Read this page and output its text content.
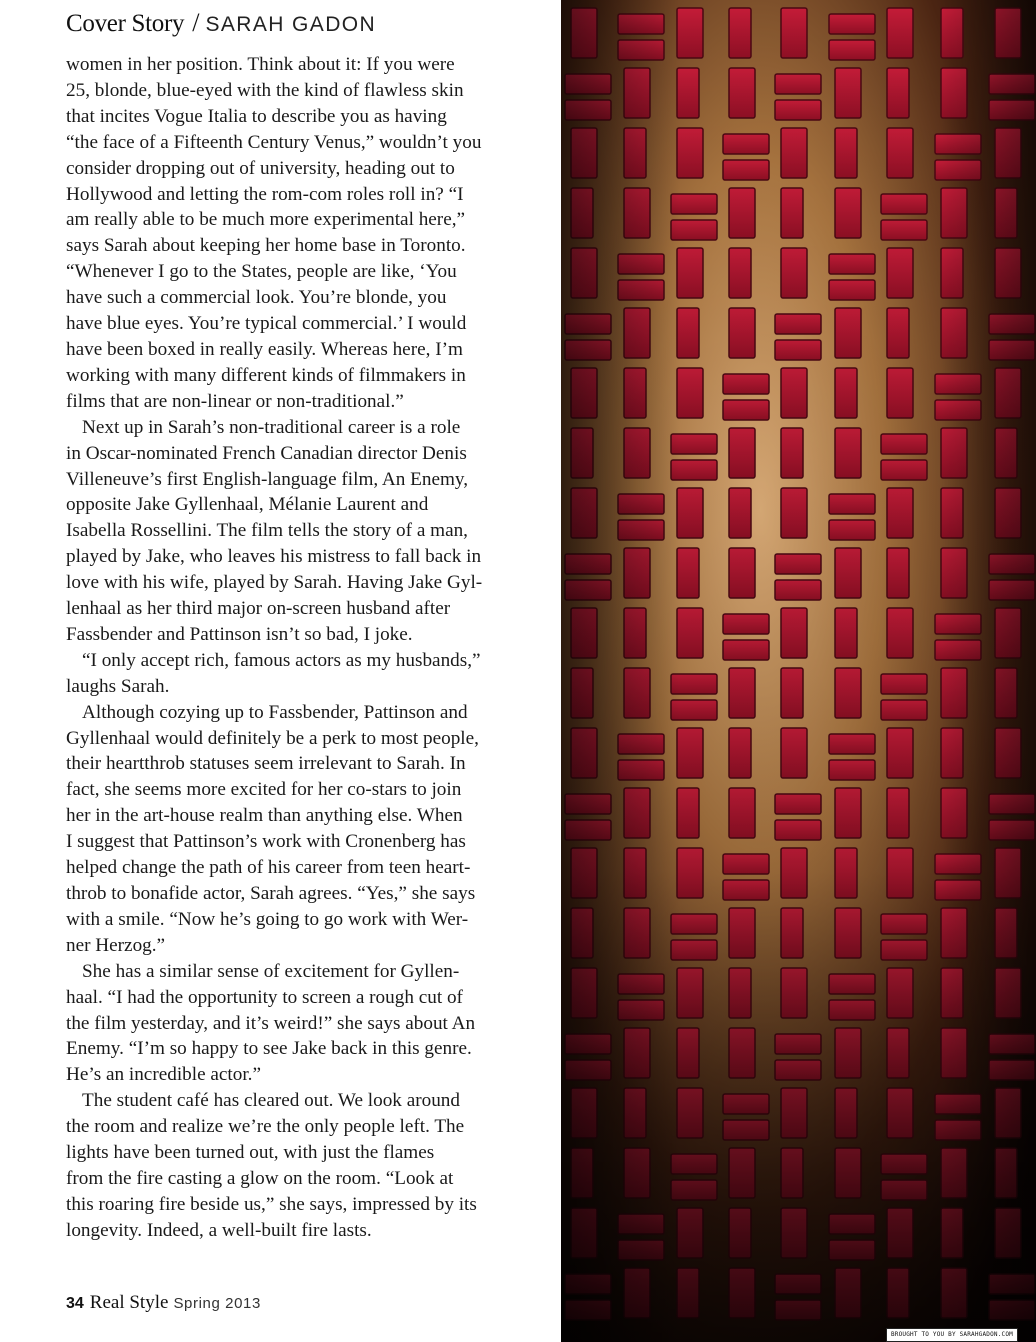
Cover Story / SARAH GADON

women in her position. Think about it: If you were
25, blonde, blue-eyed with the kind of flawless skin
that incites Vogue Italia to describe you as having
“the face of a Fifteenth Century Venus,” wouldn’t you
consider dropping out of university, heading out to
Hollywood and letting the rom-com roles roll in? “I
am really able to be much more experimental here,”
says Sarah about keeping her home base in Toronto.
“Whenever I go to the States, people are like, ‘You
have such a commercial look. You’re blonde, you
have blue eyes. You’re typical commercial.’ I would
have been boxed in really easily. Whereas here, I’m
working with many different kinds of filmmakers in
films that are non-linear or non-traditional.”

Next up in Sarah’s non-traditional career is a role
in Oscar-nominated French Canadian director Denis
Villeneuve’s first English-language film, An Enemy,
opposite Jake Gyllenhaal, Mélanie Laurent and
Isabella Rossellini. The film tells the story of a man,
played by Jake, who leaves his mistress to fall back in
love with his wife, played by Sarah. Having Jake Gyl-
lenhaal as her third major on-screen husband after
Fassbender and Pattinson isn’t so bad, I joke.

“I only accept rich, famous actors as my husbands,”
laughs Sarah.

Although cozying up to Fassbender, Pattinson and
Gyllenhaal would definitely be a perk to most people,
their heartthrob statuses seem irrelevant to Sarah. In
fact, she seems more excited for her co-stars to join
her in the art-house realm than anything else. When
I suggest that Pattinson’s work with Cronenberg has
helped change the path of his career from teen heart-
throb to bonafide actor, Sarah agrees. “Yes,” she says
with a smile. “Now he’s going to go work with Wer-
ner Herzog.”

She has a similar sense of excitement for Gyllen-
haal. “I had the opportunity to screen a rough cut of
the film yesterday, and it’s weird!” she says about An
Enemy. “I’m so happy to see Jake back in this genre.
He’s an incredible actor.”

The student café has cleared out. We look around
the room and realize we’re the only people left. The
lights have been turned out, with just the flames
from the fire casting a glow on the room. “Look at
this roaring fire beside us,” she says, impressed by its
longevity. Indeed, a well-built fire lasts.

34 Real Style Spring 2013
BROUGHT TO YOU BY SARAHGADON.COM
